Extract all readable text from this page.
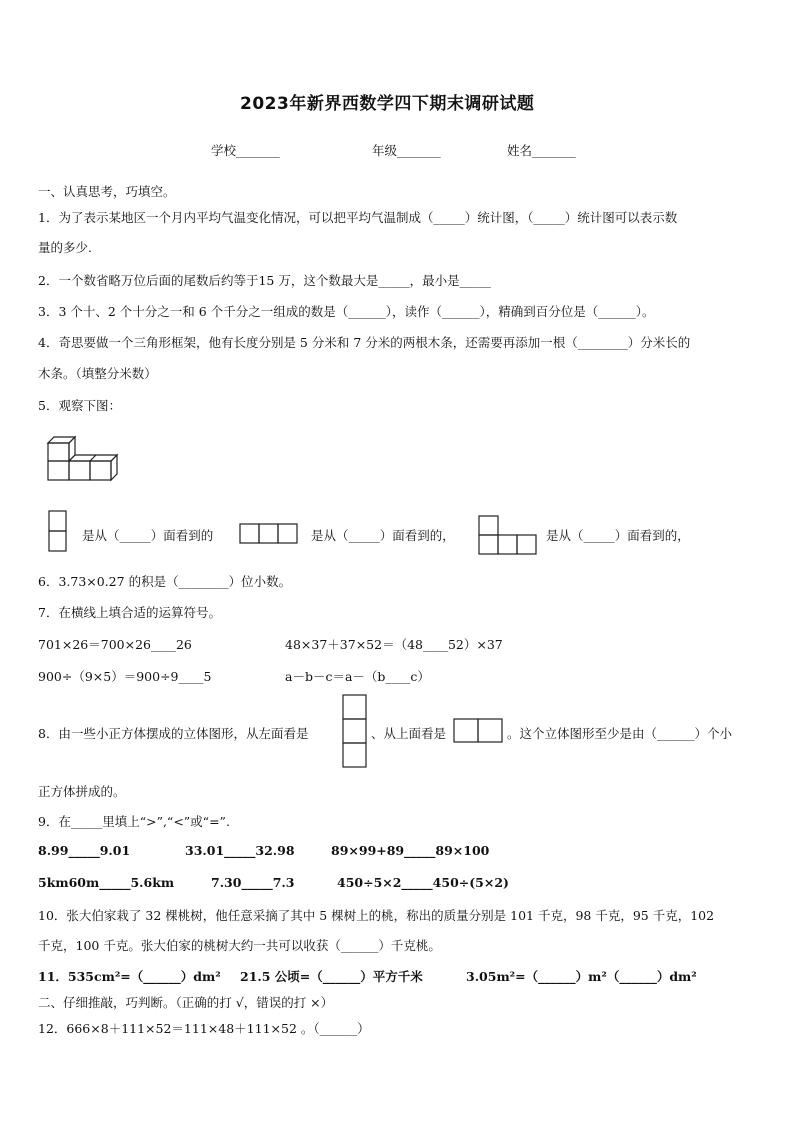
2023年新界西数学四下期末调研试题
学校_______	年级_______	姓名_______
一、认真思考，巧填空。
1．为了表示某地区一个月内平均气温变化情况，可以把平均气温制成（_____）统计图，（_____）统计图可以表示数
量的多少.
2．一个数省略万位后面的尾数后约等于15 万，这个数最大是_____，最小是_____
3．3 个十、2 个十分之一和 6 个千分之一组成的数是（______），读作（______），精确到百分位是（______）。
4．奇思要做一个三角形框架，他有长度分别是 5 分米和 7 分米的两根木条，还需要再添加一根（________）分米长的
木条。（填整分米数）
5．观察下图：
是从（_____）面看到的	是从（_____）面看到的，	是从（_____）面看到的，
6．3.73×0.27 的积是（________）位小数。
7．在横线上填合适的运算符号。
701×26＝700×26____26	48×37＋37×52＝（48____52）×37
900÷（9×5）＝900÷9____5	a－b－c＝a－（b____c）
8．由一些小正方体摆成的立体图形，从左面看是	、从上面看是	。这个立体图形至少是由（______）个小
正方体拼成的。
9．在_____里填上“>”,“<”或“=”.
8.99_____9.01	33.01_____32.98	89×99+89_____89×100
5km60m_____5.6km	7.30_____7.3	450÷5×2_____450÷(5×2)
10．张大伯家栽了 32 棵桃树，他任意采摘了其中 5 棵树上的桃，称出的质量分别是 101 千克，98 千克，95 千克，102
千克，100 千克。张大伯家的桃树大约一共可以收获（______）千克桃。
11．535cm²=（______）dm² 21.5 公顷=（______）平方千米	3.05m²=（______）m²（______）dm²
二、仔细推敲，巧判断。（正确的打 √，错误的打 ×）
12．666×8＋111×52＝111×48＋111×52 。（______）
